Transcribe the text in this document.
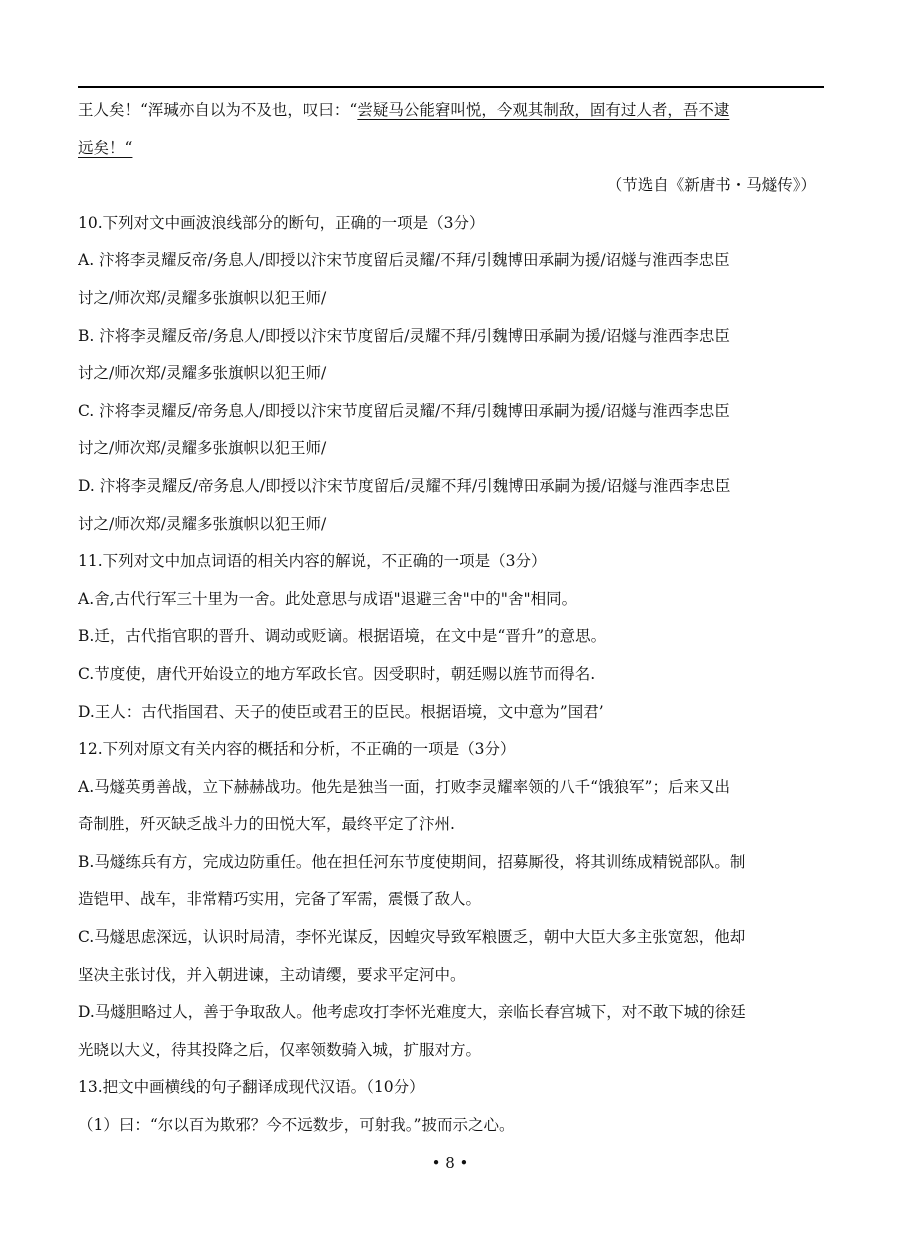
王人矣！“浑瑊亦自以为不及也，叹曰：“尝疑马公能窘叫悦，今观其制敌，固有过人者，吾不逮
远矣！“
（节选自《新唐书・马燧传》）
10.下列对文中画波浪线部分的断句，正确的一项是（3分）
A. 汴将李灵耀反帝/务息人/即授以汴宋节度留后灵耀/不拜/引魏博田承嗣为援/诏燧与淮西李忠臣
讨之/师次郑/灵耀多张旗帜以犯王师/
B. 汴将李灵耀反帝/务息人/即授以汴宋节度留后/灵耀不拜/引魏博田承嗣为援/诏燧与淮西李忠臣
讨之/师次郑/灵耀多张旗帜以犯王师/
C. 汴将李灵耀反/帝务息人/即授以汴宋节度留后灵耀/不拜/引魏博田承嗣为援/诏燧与淮西李忠臣
讨之/师次郑/灵耀多张旗帜以犯王师/
D. 汴将李灵耀反/帝务息人/即授以汴宋节度留后/灵耀不拜/引魏博田承嗣为援/诏燧与淮西李忠臣
讨之/师次郑/灵耀多张旗帜以犯王师/
11.下列对文中加点词语的相关内容的解说，不正确的一项是（3分）
A.舍,古代行军三十里为一舍。此处意思与成语"退避三舍"中的"舍"相同。
B.迁，古代指官职的晋升、调动或贬谪。根据语境，在文中是“晋升”的意思。
C.节度使，唐代开始设立的地方军政长官。因受职时，朝廷赐以旌节而得名.
D.王人：古代指国君、天子的使臣或君王的臣民。根据语境，文中意为”国君’
12.下列对原文有关内容的概括和分析，不正确的一项是（3分）
A.马燧英勇善战，立下赫赫战功。他先是独当一面，打败李灵耀率领的八千“饿狼军”；后来又出
奇制胜，歼灭缺乏战斗力的田悦大军，最终平定了汴州.
B.马燧练兵有方，完成边防重任。他在担任河东节度使期间，招募厮役，将其训练成精锐部队。制
造铠甲、战车，非常精巧实用，完备了军需，震慑了敌人。
C.马燧思虑深远，认识时局清，李怀光谋反，因蝗灾导致军粮匮乏，朝中大臣大多主张宽恕，他却
坚决主张讨伐，并入朝进谏，主动请缨，要求平定河中。
D.马燧胆略过人，善于争取敌人。他考虑攻打李怀光难度大，亲临长春宫城下，对不敢下城的徐廷
光晓以大义，待其投降之后，仅率领数骑入城，扩服对方。
13.把文中画横线的句子翻译成现代汉语。（10分）
（1）曰：“尔以百为欺邪？今不远数步，可射我。”披而示之心。
• 8 •
